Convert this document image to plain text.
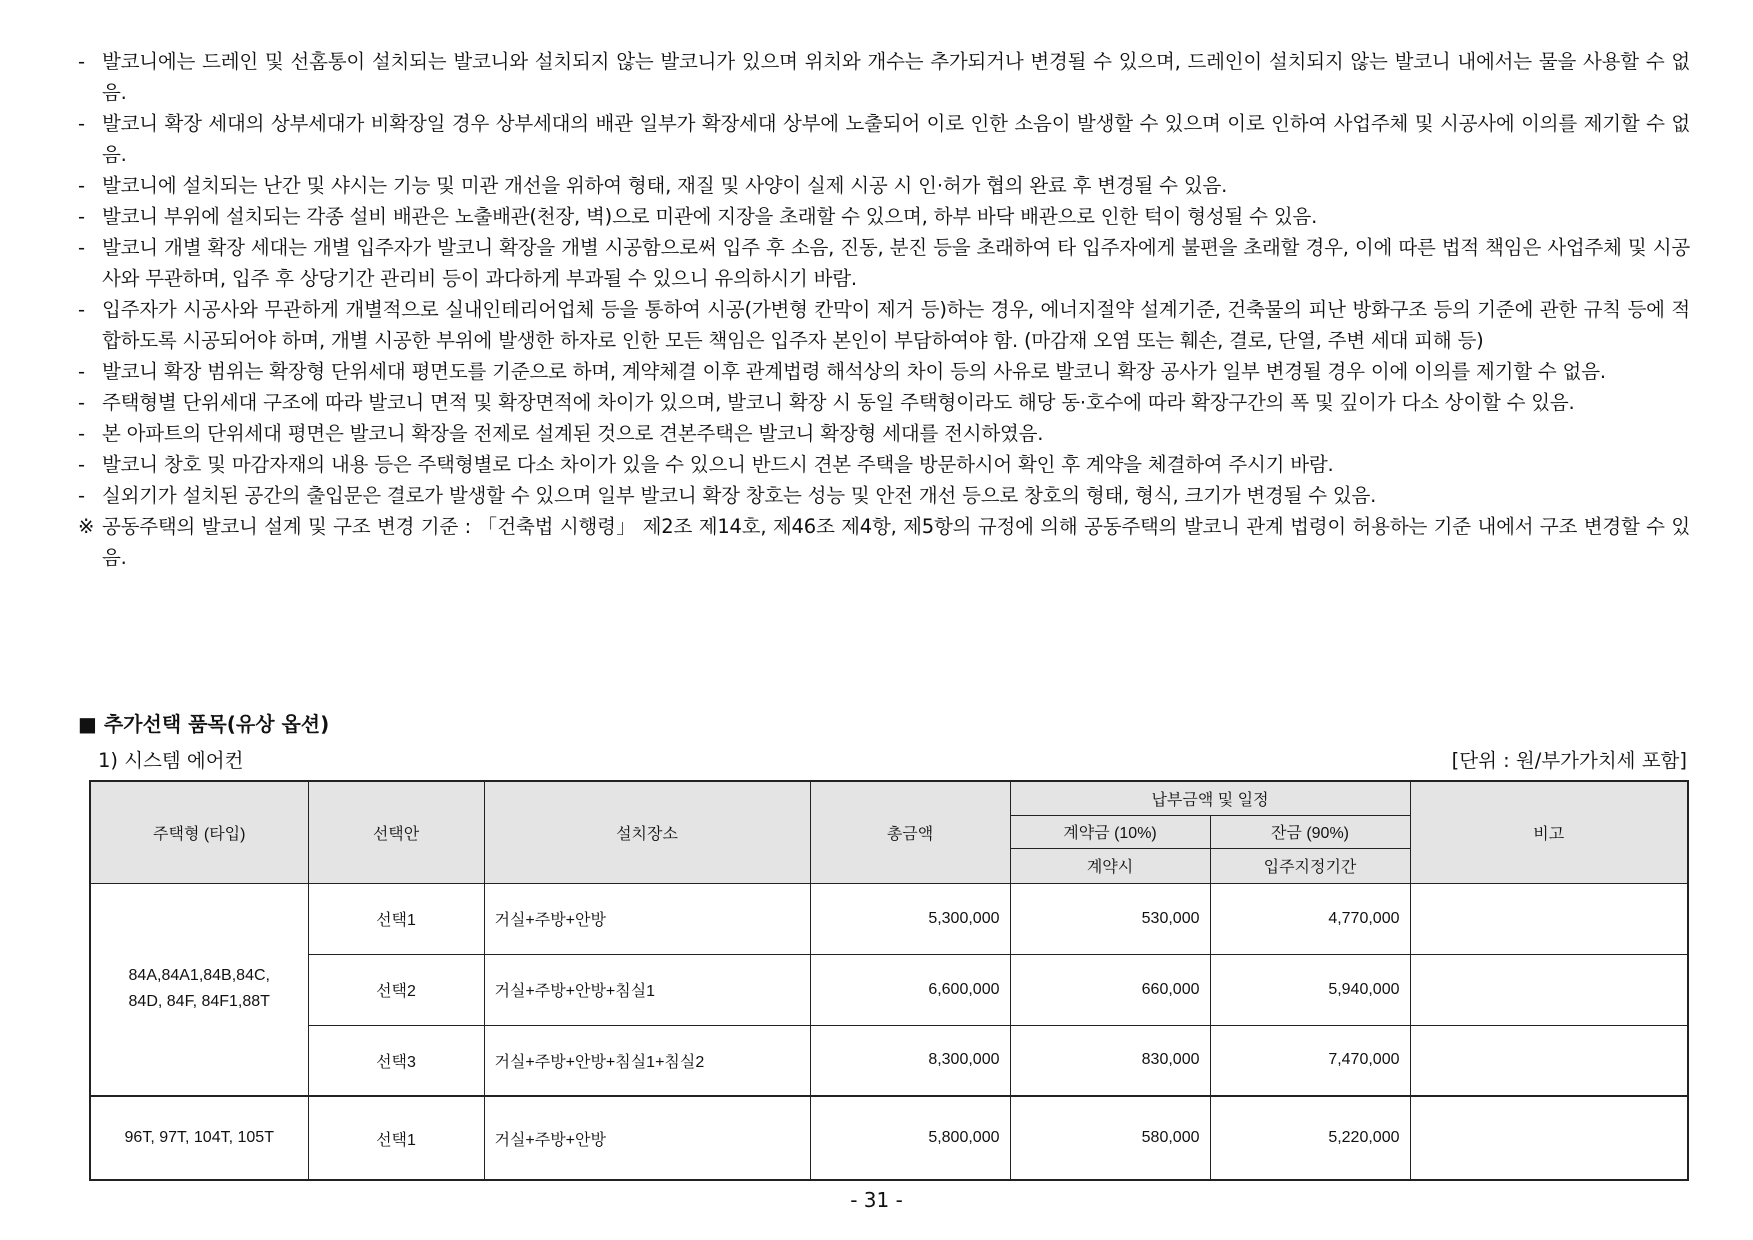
- 발코니에는 드레인 및 선홈통이 설치되는 발코니와 설치되지 않는 발코니가 있으며 위치와 개수는 추가되거나 변경될 수 있으며, 드레인이 설치되지 않는 발코니 내에서는 물을 사용할 수 없음.
- 발코니 확장 세대의 상부세대가 비확장일 경우 상부세대의 배관 일부가 확장세대 상부에 노출되어 이로 인한 소음이 발생할 수 있으며 이로 인하여 사업주체 및 시공사에 이의를 제기할 수 없음.
- 발코니에 설치되는 난간 및 샤시는 기능 및 미관 개선을 위하여 형태, 재질 및 사양이 실제 시공 시 인·허가 협의 완료 후 변경될 수 있음.
- 발코니 부위에 설치되는 각종 설비 배관은 노출배관(천장, 벽)으로 미관에 지장을 초래할 수 있으며, 하부 바닥 배관으로 인한 턱이 형성될 수 있음.
- 발코니 개별 확장 세대는 개별 입주자가 발코니 확장을 개별 시공함으로써 입주 후 소음, 진동, 분진 등을 초래하여 타 입주자에게 불편을 초래할 경우, 이에 따른 법적 책임은 사업주체 및 시공사와 무관하며, 입주 후 상당기간 관리비 등이 과다하게 부과될 수 있으니 유의하시기 바람.
- 입주자가 시공사와 무관하게 개별적으로 실내인테리어업체 등을 통하여 시공(가변형 칸막이 제거 등)하는 경우, 에너지절약 설계기준, 건축물의 피난 방화구조 등의 기준에 관한 규칙 등에 적합하도록 시공되어야 하며, 개별 시공한 부위에 발생한 하자로 인한 모든 책임은 입주자 본인이 부담하여야 함. (마감재 오염 또는 훼손, 결로, 단열, 주변 세대 피해 등)
- 발코니 확장 범위는 확장형 단위세대 평면도를 기준으로 하며, 계약체결 이후 관계법령 해석상의 차이 등의 사유로 발코니 확장 공사가 일부 변경될 경우 이에 이의를 제기할 수 없음.
- 주택형별 단위세대 구조에 따라 발코니 면적 및 확장면적에 차이가 있으며, 발코니 확장 시 동일 주택형이라도 해당 동·호수에 따라 확장구간의 폭 및 깊이가 다소 상이할 수 있음.
- 본 아파트의 단위세대 평면은 발코니 확장을 전제로 설계된 것으로 견본주택은 발코니 확장형 세대를 전시하였음.
- 발코니 창호 및 마감자재의 내용 등은 주택형별로 다소 차이가 있을 수 있으니 반드시 견본 주택을 방문하시어 확인 후 계약을 체결하여 주시기 바람.
- 실외기가 설치된 공간의 출입문은 결로가 발생할 수 있으며 일부 발코니 확장 창호는 성능 및 안전 개선 등으로 창호의 형태, 형식, 크기가 변경될 수 있음.
※ 공동주택의 발코니 설계 및 구조 변경 기준 : 「건축법 시행령」 제2조 제14호, 제46조 제4항, 제5항의 규정에 의해 공동주택의 발코니 관계 법령이 허용하는 기준 내에서 구조 변경할 수 있음.
■ 추가선택 품목(유상 옵션)
1) 시스템 에어컨	[단위 : 원/부가가치세 포함]
주택형 (타입)	선택안	설치장소	총금액	납부금액 및 일정		비고
				계약금 (10%)	잔금 (90%)	
				계약시	입주지정기간	
84A,84A1,84B,84C,
84D, 84F, 84F1,88T	선택1	거실+주방+안방	5,300,000	530,000	4,770,000	
	선택2	거실+주방+안방+침실1	6,600,000	660,000	5,940,000	
	선택3	거실+주방+안방+침실1+침실2	8,300,000	830,000	7,470,000	
96T, 97T, 104T, 105T	선택1	거실+주방+안방	5,800,000	580,000	5,220,000	
- 31 -
